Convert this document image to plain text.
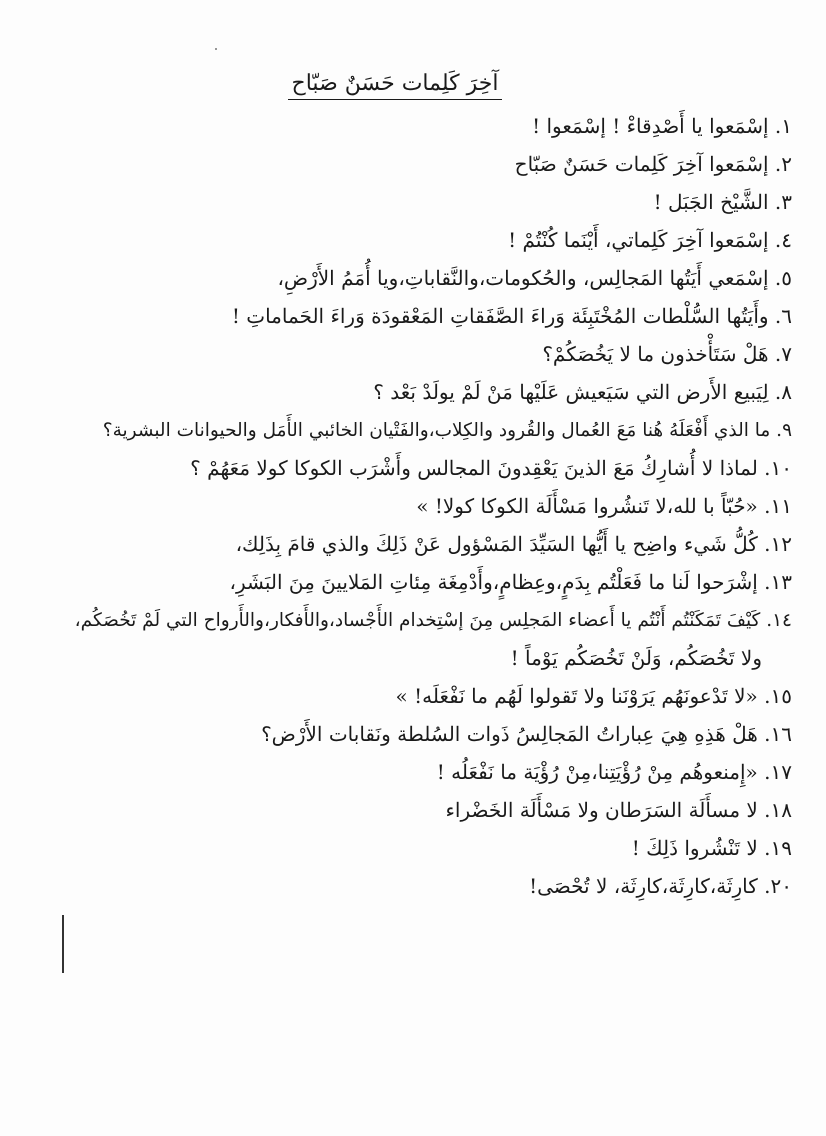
آخِرَ كَلِمات حَسَنٌ صَبّاح
١. إسْمَعوا يا أَصْدِقاءْ ! إسْمَعوا !
٢. إسْمَعوا آخِرَ كَلِمات حَسَنٌ صَبّاح
٣. الشَّيْخ الجَبَل !
٤. إسْمَعوا آخِرَ كَلِماتي، أَيْنَما كُنْتُمْ !
٥. إسْمَعي أَيَتُها المَجالِس، والحُكومات،والنَّقاباتِ،ويا أُمَمُ الأَرْضِ،
٦. وأَيَتُها السُّلْطات المُخْتَبِئَة وَراءَ الصَّفَقاتِ المَعْقودَة وَراءَ الحَماماتِ !
٧. هَلْ سَتَأْخذون ما لا يَخُصَكُمْ؟
٨. لِيَبيع الأَرض التي سَيَعيش عَلَيْها مَنْ لَمْ يولَدْ بَعْد ؟
٩. ما الذي أَفْعَلَهُ هُنا مَعَ العُمال والقُرود والكِلاب،والفَتْيان الخائبي الأَمَل والحيوانات البشرية؟
١٠. لماذا لا أُشارِكُ مَعَ الذينَ يَعْقِدونَ المجالس وأَشْرَب الكوكا كولا مَعَهُمْ ؟
١١. «حُبّاً با لله،لا تَنشُروا مَسْأَلَة الكوكا كولا! »
١٢. كُلُّ شَيء واضِح يا أَيُّها السَيِّدَ المَسْؤول عَنْ ذَلِكَ والذي قامَ بِذَلِك،
١٣. إشْرَحوا لَنا ما فَعَلْتُم بِدَمٍ،وعِظامٍ،وأَدْمِغَة مِئاتِ المَلايينَ مِنَ البَشَرِ،
١٤. كَيْفَ تَمَكَنْتُم أَنْتُم يا أَعضاء المَجلِس مِنَ إسْتِخدام الأَجْساد،والأَفكار،والأَرواح التي لَمْ تَخُصَكُم،
ولا تَخُصَكُم، وَلَنْ تَخُصَكُم يَوْماً !
١٥. «لا تَدْعونَهُم يَرَوْنَنا ولا تَقولوا لَهُم ما نَفْعَلَه! »
١٦. هَلْ هَذِهِ هِيَ عِباراتُ المَجالِسُ ذَوات السُلطة ونَقابات الأَرْض؟
١٧. «إِمنعوهُم مِنْ رُؤْيَتِنا،مِنْ رُؤْيَة ما نَفْعَلُه !
١٨. لا مسأَلَة السَرَطان ولا مَسْأَلَة الخَضْراء
١٩. لا تَنْشُروا ذَلِكَ !
٢٠. كارِثَة،كارِثَة،كارِثَة، لا تُحْصَى!
